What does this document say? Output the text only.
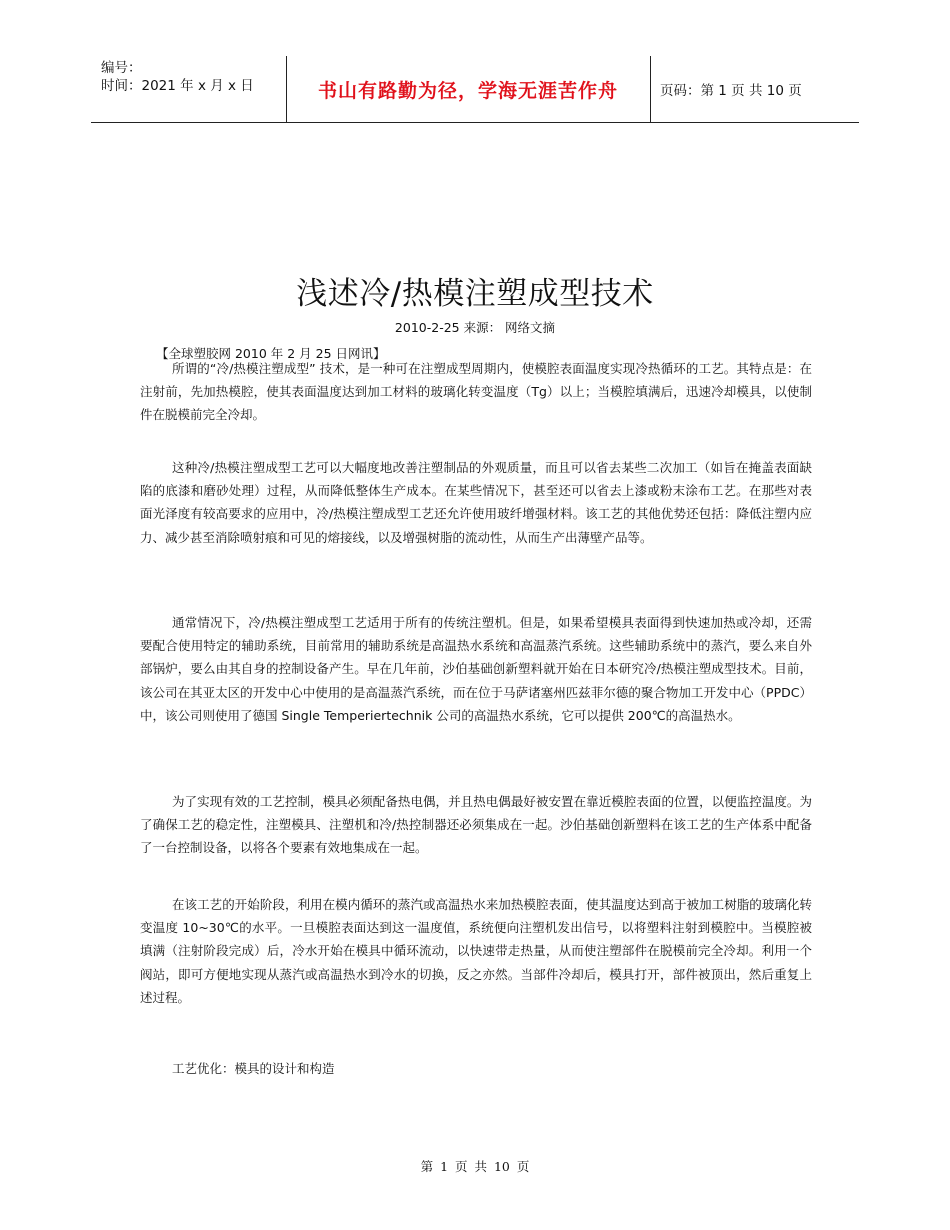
编号：
时间：2021 年 x 月 x 日	书山有路勤为径，学海无涯苦作舟	页码：第 1 页 共 10 页
浅述冷/热模注塑成型技术
2010-2-25 来源： 网络文摘
【全球塑胶网 2010 年 2 月 25 日网讯】

所谓的“冷/热模注塑成型” 技术，是一种可在注塑成型周期内，使模腔表面温度实现冷热循环的工艺。其特点是：在注射前，先加热模腔，使其表面温度达到加工材料的玻璃化转变温度（Tg）以上；当模腔填满后，迅速冷却模具，以使制件在脱模前完全冷却。

这种冷/热模注塑成型工艺可以大幅度地改善注塑制品的外观质量，而且可以省去某些二次加工（如旨在掩盖表面缺陷的底漆和磨砂处理）过程，从而降低整体生产成本。在某些情况下，甚至还可以省去上漆或粉末涂布工艺。在那些对表面光泽度有较高要求的应用中，冷/热模注塑成型工艺还允许使用玻纤增强材料。该工艺的其他优势还包括：降低注塑内应力、减少甚至消除喷射痕和可见的熔接线，以及增强树脂的流动性，从而生产出薄壁产品等。

通常情况下，冷/热模注塑成型工艺适用于所有的传统注塑机。但是，如果希望模具表面得到快速加热或冷却，还需要配合使用特定的辅助系统，目前常用的辅助系统是高温热水系统和高温蒸汽系统。这些辅助系统中的蒸汽，要么来自外部锅炉，要么由其自身的控制设备产生。早在几年前，沙伯基础创新塑料就开始在日本研究冷/热模注塑成型技术。目前，该公司在其亚太区的开发中心中使用的是高温蒸汽系统，而在位于马萨诸塞州匹兹菲尔德的聚合物加工开发中心（PPDC）中，该公司则使用了德国 Single Temperiertechnik 公司的高温热水系统，它可以提供 200℃的高温热水。

为了实现有效的工艺控制，模具必须配备热电偶，并且热电偶最好被安置在靠近模腔表面的位置，以便监控温度。为了确保工艺的稳定性，注塑模具、注塑机和冷/热控制器还必须集成在一起。沙伯基础创新塑料在该工艺的生产体系中配备了一台控制设备，以将各个要素有效地集成在一起。

在该工艺的开始阶段，利用在模内循环的蒸汽或高温热水来加热模腔表面，使其温度达到高于被加工树脂的玻璃化转变温度 10~30℃的水平。一旦模腔表面达到这一温度值，系统便向注塑机发出信号，以将塑料注射到模腔中。当模腔被填满（注射阶段完成）后，冷水开始在模具中循环流动，以快速带走热量，从而使注塑部件在脱模前完全冷却。利用一个阀站，即可方便地实现从蒸汽或高温热水到冷水的切换，反之亦然。当部件冷却后，模具打开，部件被顶出，然后重复上述过程。

工艺优化：模具的设计和构造
第 1 页 共 10 页
